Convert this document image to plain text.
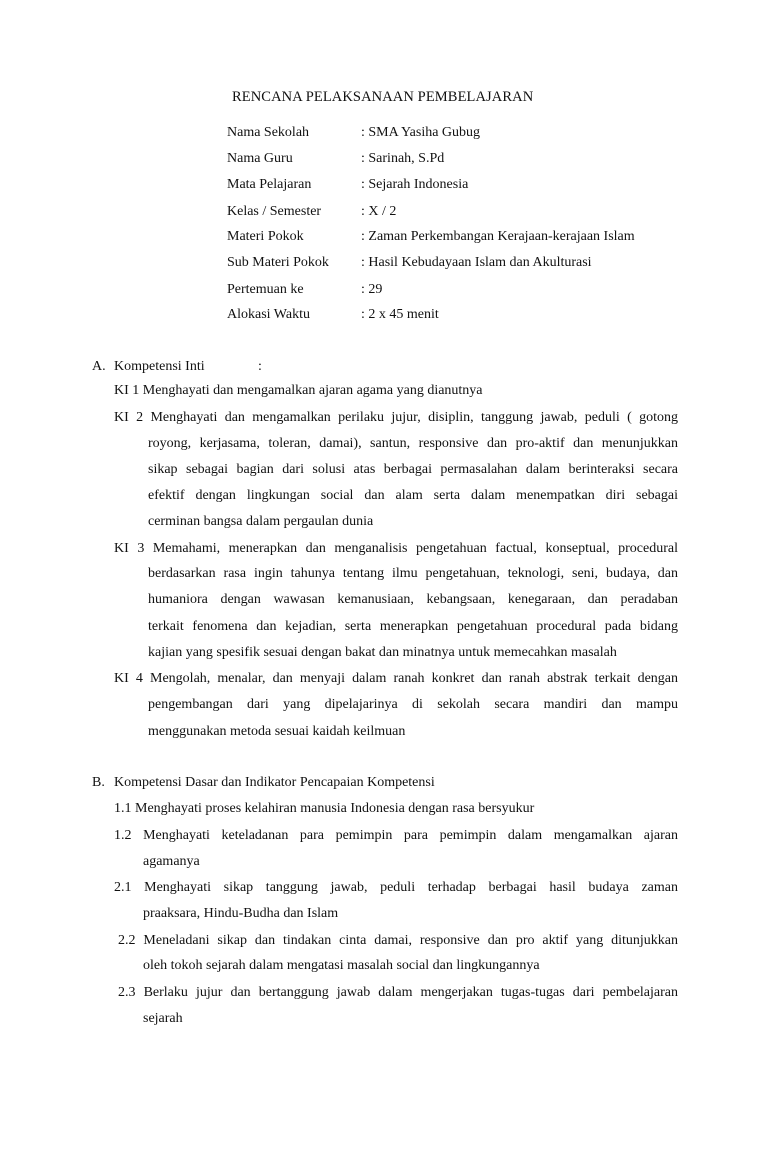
RENCANA PELAKSANAAN PEMBELAJARAN
Nama Sekolah	: SMA Yasiha Gubug
Nama Guru	: Sarinah, S.Pd
Mata Pelajaran	: Sejarah Indonesia
Kelas / Semester	: X / 2
Materi Pokok	: Zaman Perkembangan Kerajaan-kerajaan Islam
Sub Materi Pokok : Hasil Kebudayaan Islam dan Akulturasi
Pertemuan ke	: 29
Alokasi Waktu	: 2 x 45 menit
A. Kompetensi Inti	:
KI 1 Menghayati dan mengamalkan ajaran agama yang dianutnya
KI 2 Menghayati dan mengamalkan perilaku jujur, disiplin, tanggung jawab, peduli ( gotong
royong, kerjasama, toleran, damai), santun, responsive dan pro-aktif dan menunjukkan
sikap sebagai bagian dari solusi atas berbagai permasalahan dalam berinteraksi secara
efektif dengan lingkungan social dan alam serta dalam menempatkan diri sebagai
cerminan bangsa dalam pergaulan dunia
KI 3 Memahami, menerapkan dan menganalisis pengetahuan factual, konseptual, procedural
berdasarkan rasa ingin tahunya tentang ilmu pengetahuan, teknologi, seni, budaya, dan
humaniora dengan wawasan kemanusiaan, kebangsaan, kenegaraan, dan peradaban
terkait fenomena dan kejadian, serta menerapkan pengetahuan procedural pada bidang
kajian yang spesifik sesuai dengan bakat dan minatnya untuk memecahkan masalah
KI 4 Mengolah, menalar, dan menyaji dalam ranah konkret dan ranah abstrak terkait dengan
pengembangan dari yang dipelajarinya di sekolah secara mandiri dan mampu
menggunakan metoda sesuai kaidah keilmuan
B. Kompetensi Dasar dan Indikator Pencapaian Kompetensi
1.1 Menghayati proses kelahiran manusia Indonesia dengan rasa bersyukur
1.2 Menghayati keteladanan para pemimpin para pemimpin dalam mengamalkan ajaran
agamanya
2.1 Menghayati sikap tanggung jawab, peduli terhadap berbagai hasil budaya zaman
praaksara, Hindu-Budha dan Islam
2.2 Meneladani sikap dan tindakan cinta damai, responsive dan pro aktif yang ditunjukkan
oleh tokoh sejarah dalam mengatasi masalah social dan lingkungannya
2.3 Berlaku jujur dan bertanggung jawab dalam mengerjakan tugas-tugas dari pembelajaran
sejarah
